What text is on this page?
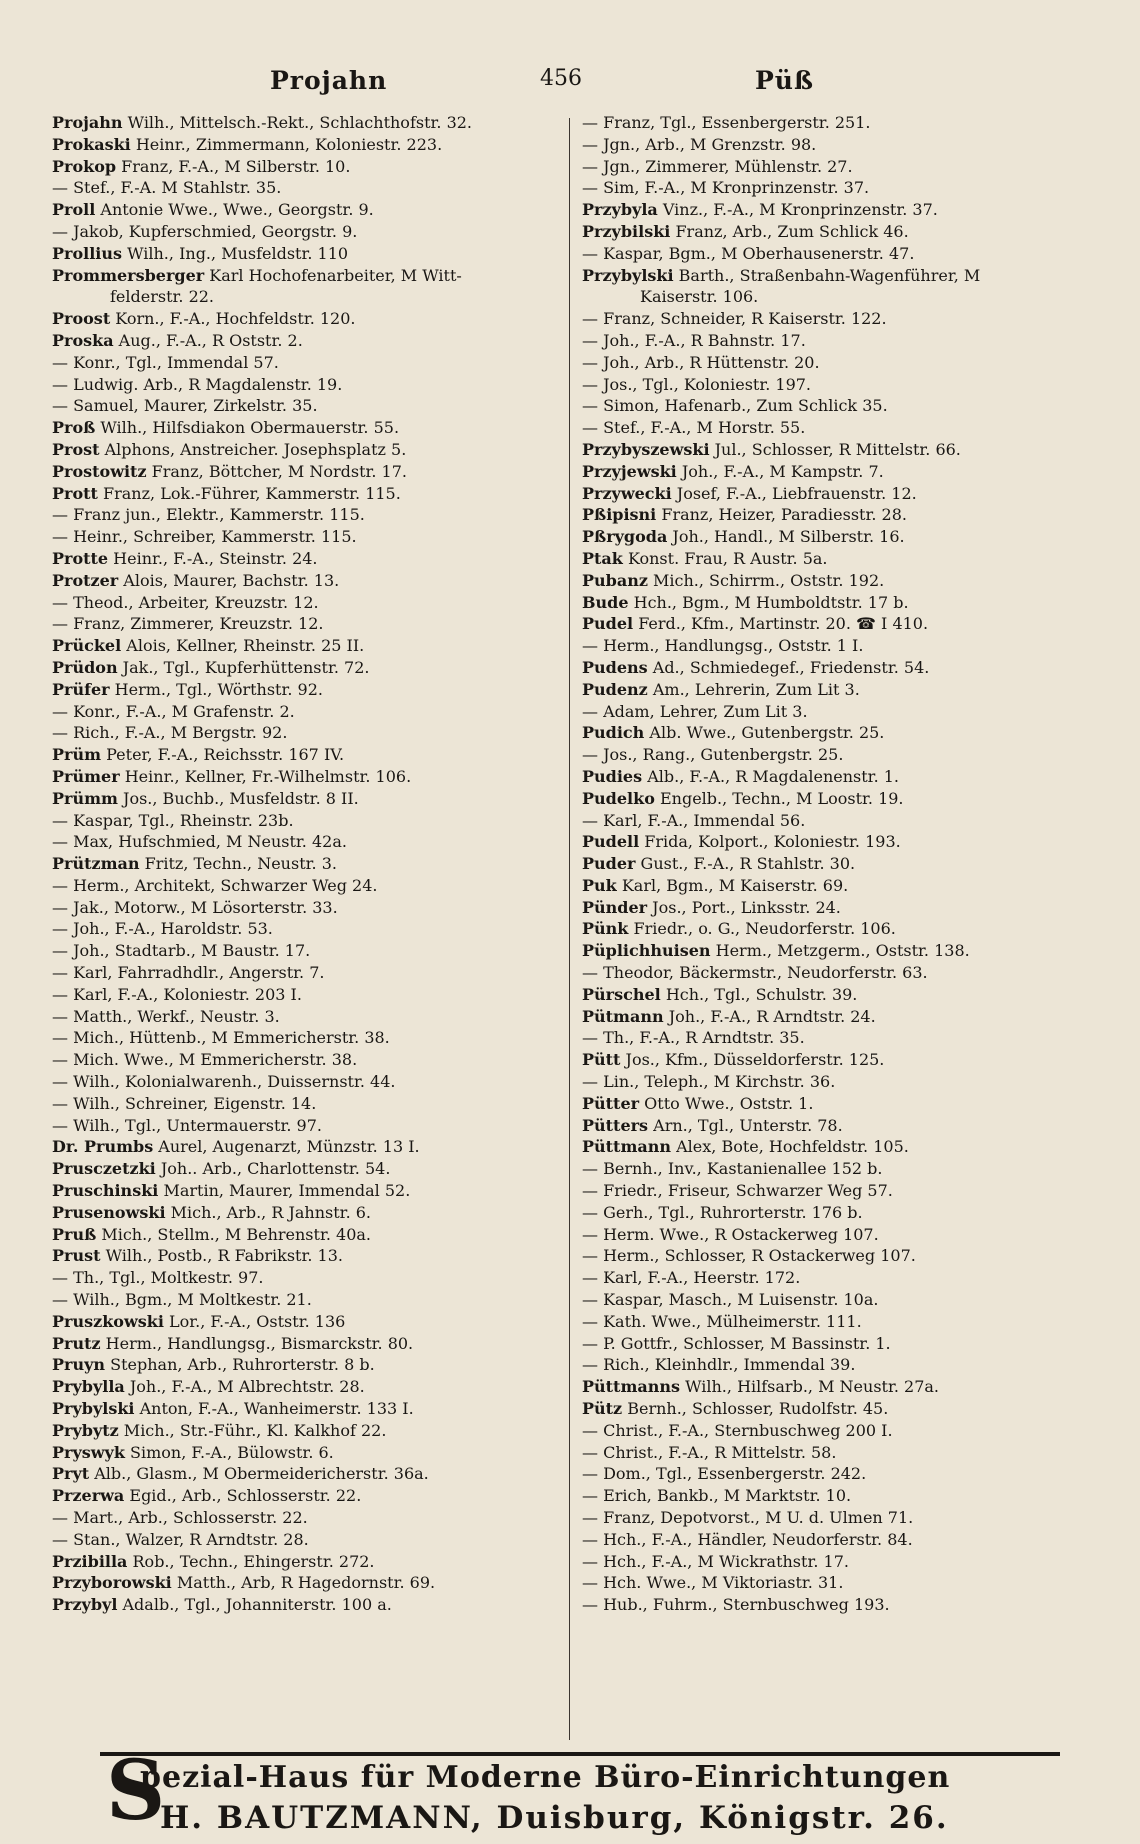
Projahn	456	Püß
Projahn Wilh., Mittelsch.-Rekt., Schlachthofstr. 32.
Prokaski Heinr., Zimmermann, Koloniestr. 223.
Prokop Franz, F.-A., M Silberstr. 10.
— Stef., F.-A. M Stahlstr. 35.
Proll Antonie Wwe., Wwe., Georgstr. 9.
— Jakob, Kupferschmied, Georgstr. 9.
Prollius Wilh., Ing., Musfeldstr. 110
Prommersberger Karl Hochofenarbeiter, M Witt-
felderstr. 22.
Proost Korn., F.-A., Hochfeldstr. 120.
Proska Aug., F.-A., R Oststr. 2.
— Konr., Tgl., Immendal 57.
— Ludwig. Arb., R Magdalenstr. 19.
— Samuel, Maurer, Zirkelstr. 35.
Proß Wilh., Hilfsdiakon Obermauerstr. 55.
Prost Alphons, Anstreicher. Josephsplatz 5.
Prostowitz Franz, Böttcher, M Nordstr. 17.
Prott Franz, Lok.-Führer, Kammerstr. 115.
— Franz jun., Elektr., Kammerstr. 115.
— Heinr., Schreiber, Kammerstr. 115.
Protte Heinr., F.-A., Steinstr. 24.
Protzer Alois, Maurer, Bachstr. 13.
— Theod., Arbeiter, Kreuzstr. 12.
— Franz, Zimmerer, Kreuzstr. 12.
Prückel Alois, Kellner, Rheinstr. 25 II.
Prüdon Jak., Tgl., Kupferhüttenstr. 72.
Prüfer Herm., Tgl., Wörthstr. 92.
— Konr., F.-A., M Grafenstr. 2.
— Rich., F.-A., M Bergstr. 92.
Prüm Peter, F.-A., Reichsstr. 167 IV.
Prümer Heinr., Kellner, Fr.-Wilhelmstr. 106.
Prümm Jos., Buchb., Musfeldstr. 8 II.
— Kaspar, Tgl., Rheinstr. 23b.
— Max, Hufschmied, M Neustr. 42a.
Prützman Fritz, Techn., Neustr. 3.
— Herm., Architekt, Schwarzer Weg 24.
— Jak., Motorw., M Lösorterstr. 33.
— Joh., F.-A., Haroldstr. 53.
— Joh., Stadtarb., M Baustr. 17.
— Karl, Fahrradhdlr., Angerstr. 7.
— Karl, F.-A., Koloniestr. 203 I.
— Matth., Werkf., Neustr. 3.
— Mich., Hüttenb., M Emmericherstr. 38.
— Mich. Wwe., M Emmericherstr. 38.
— Wilh., Kolonialwarenh., Duissernstr. 44.
— Wilh., Schreiner, Eigenstr. 14.
— Wilh., Tgl., Untermauerstr. 97.
Dr. Prumbs Aurel, Augenarzt, Münzstr. 13 I.
Prusczetzki Joh.. Arb., Charlottenstr. 54.
Pruschinski Martin, Maurer, Immendal 52.
Prusenowski Mich., Arb., R Jahnstr. 6.
Pruß Mich., Stellm., M Behrenstr. 40a.
Prust Wilh., Postb., R Fabrikstr. 13.
— Th., Tgl., Moltkestr. 97.
— Wilh., Bgm., M Moltkestr. 21.
Pruszkowski Lor., F.-A., Oststr. 136
Prutz Herm., Handlungsg., Bismarckstr. 80.
Pruyn Stephan, Arb., Ruhrorterstr. 8 b.
Prybylla Joh., F.-A., M Albrechtstr. 28.
Prybylski Anton, F.-A., Wanheimerstr. 133 I.
Prybytz Mich., Str.-Führ., Kl. Kalkhof 22.
Pryswyk Simon, F.-A., Bülowstr. 6.
Pryt Alb., Glasm., M Obermeidericherstr. 36a.
Przerwa Egid., Arb., Schlosserstr. 22.
— Mart., Arb., Schlosserstr. 22.
— Stan., Walzer, R Arndtstr. 28.
Przibilla Rob., Techn., Ehingerstr. 272.
Przyborowski Matth., Arb, R Hagedornstr. 69.
Przybyl Adalb., Tgl., Johanniterstr. 100 a.
— Franz, Tgl., Essenbergerstr. 251.
— Jgn., Arb., M Grenzstr. 98.
— Jgn., Zimmerer, Mühlenstr. 27.
— Sim, F.-A., M Kronprinzenstr. 37.
Przybyla Vinz., F.-A., M Kronprinzenstr. 37.
Przybilski Franz, Arb., Zum Schlick 46.
— Kaspar, Bgm., M Oberhausenerstr. 47.
Przybylski Barth., Straßenbahn-Wagenführer, M
Kaiserstr. 106.
— Franz, Schneider, R Kaiserstr. 122.
— Joh., F.-A., R Bahnstr. 17.
— Joh., Arb., R Hüttenstr. 20.
— Jos., Tgl., Koloniestr. 197.
— Simon, Hafenarb., Zum Schlick 35.
— Stef., F.-A., M Horstr. 55.
Przybyszewski Jul., Schlosser, R Mittelstr. 66.
Przyjewski Joh., F.-A., M Kampstr. 7.
Przywecki Josef, F.-A., Liebfrauenstr. 12.
Pßipisni Franz, Heizer, Paradiesstr. 28.
Pßrygoda Joh., Handl., M Silberstr. 16.
Ptak Konst. Frau, R Austr. 5a.
Pubanz Mich., Schirrm., Oststr. 192.
Bude Hch., Bgm., M Humboldtstr. 17 b.
Pudel Ferd., Kfm., Martinstr. 20. ☎ I 410.
— Herm., Handlungsg., Oststr. 1 I.
Pudens Ad., Schmiedegef., Friedenstr. 54.
Pudenz Am., Lehrerin, Zum Lit 3.
— Adam, Lehrer, Zum Lit 3.
Pudich Alb. Wwe., Gutenbergstr. 25.
— Jos., Rang., Gutenbergstr. 25.
Pudies Alb., F.-A., R Magdalenenstr. 1.
Pudelko Engelb., Techn., M Loostr. 19.
— Karl, F.-A., Immendal 56.
Pudell Frida, Kolport., Koloniestr. 193.
Puder Gust., F.-A., R Stahlstr. 30.
Puk Karl, Bgm., M Kaiserstr. 69.
Pünder Jos., Port., Linksstr. 24.
Pünk Friedr., o. G., Neudorferstr. 106.
Püplichhuisen Herm., Metzgerm., Oststr. 138.
— Theodor, Bäckermstr., Neudorferstr. 63.
Pürschel Hch., Tgl., Schulstr. 39.
Pütmann Joh., F.-A., R Arndtstr. 24.
— Th., F.-A., R Arndtstr. 35.
Pütt Jos., Kfm., Düsseldorferstr. 125.
— Lin., Teleph., M Kirchstr. 36.
Pütter Otto Wwe., Oststr. 1.
Pütters Arn., Tgl., Unterstr. 78.
Püttmann Alex, Bote, Hochfeldstr. 105.
— Bernh., Inv., Kastanienallee 152 b.
— Friedr., Friseur, Schwarzer Weg 57.
— Gerh., Tgl., Ruhrorterstr. 176 b.
— Herm. Wwe., R Ostackerweg 107.
— Herm., Schlosser, R Ostackerweg 107.
— Karl, F.-A., Heerstr. 172.
— Kaspar, Masch., M Luisenstr. 10a.
— Kath. Wwe., Mülheimerstr. 111.
— P. Gottfr., Schlosser, M Bassinstr. 1.
— Rich., Kleinhdlr., Immendal 39.
Püttmanns Wilh., Hilfsarb., M Neustr. 27a.
Pütz Bernh., Schlosser, Rudolfstr. 45.
— Christ., F.-A., Sternbuschweg 200 I.
— Christ., F.-A., R Mittelstr. 58.
— Dom., Tgl., Essenbergerstr. 242.
— Erich, Bankb., M Marktstr. 10.
— Franz, Depotvorst., M U. d. Ulmen 71.
— Hch., F.-A., Händler, Neudorferstr. 84.
— Hch., F.-A., M Wickrathstr. 17.
— Hch. Wwe., M Viktoriastr. 31.
— Hub., Fuhrm., Sternbuschweg 193.
S
pezial-Haus für Moderne Büro-Einrichtungen
H. BAUTZMANN, Duisburg, Königstr. 26.
